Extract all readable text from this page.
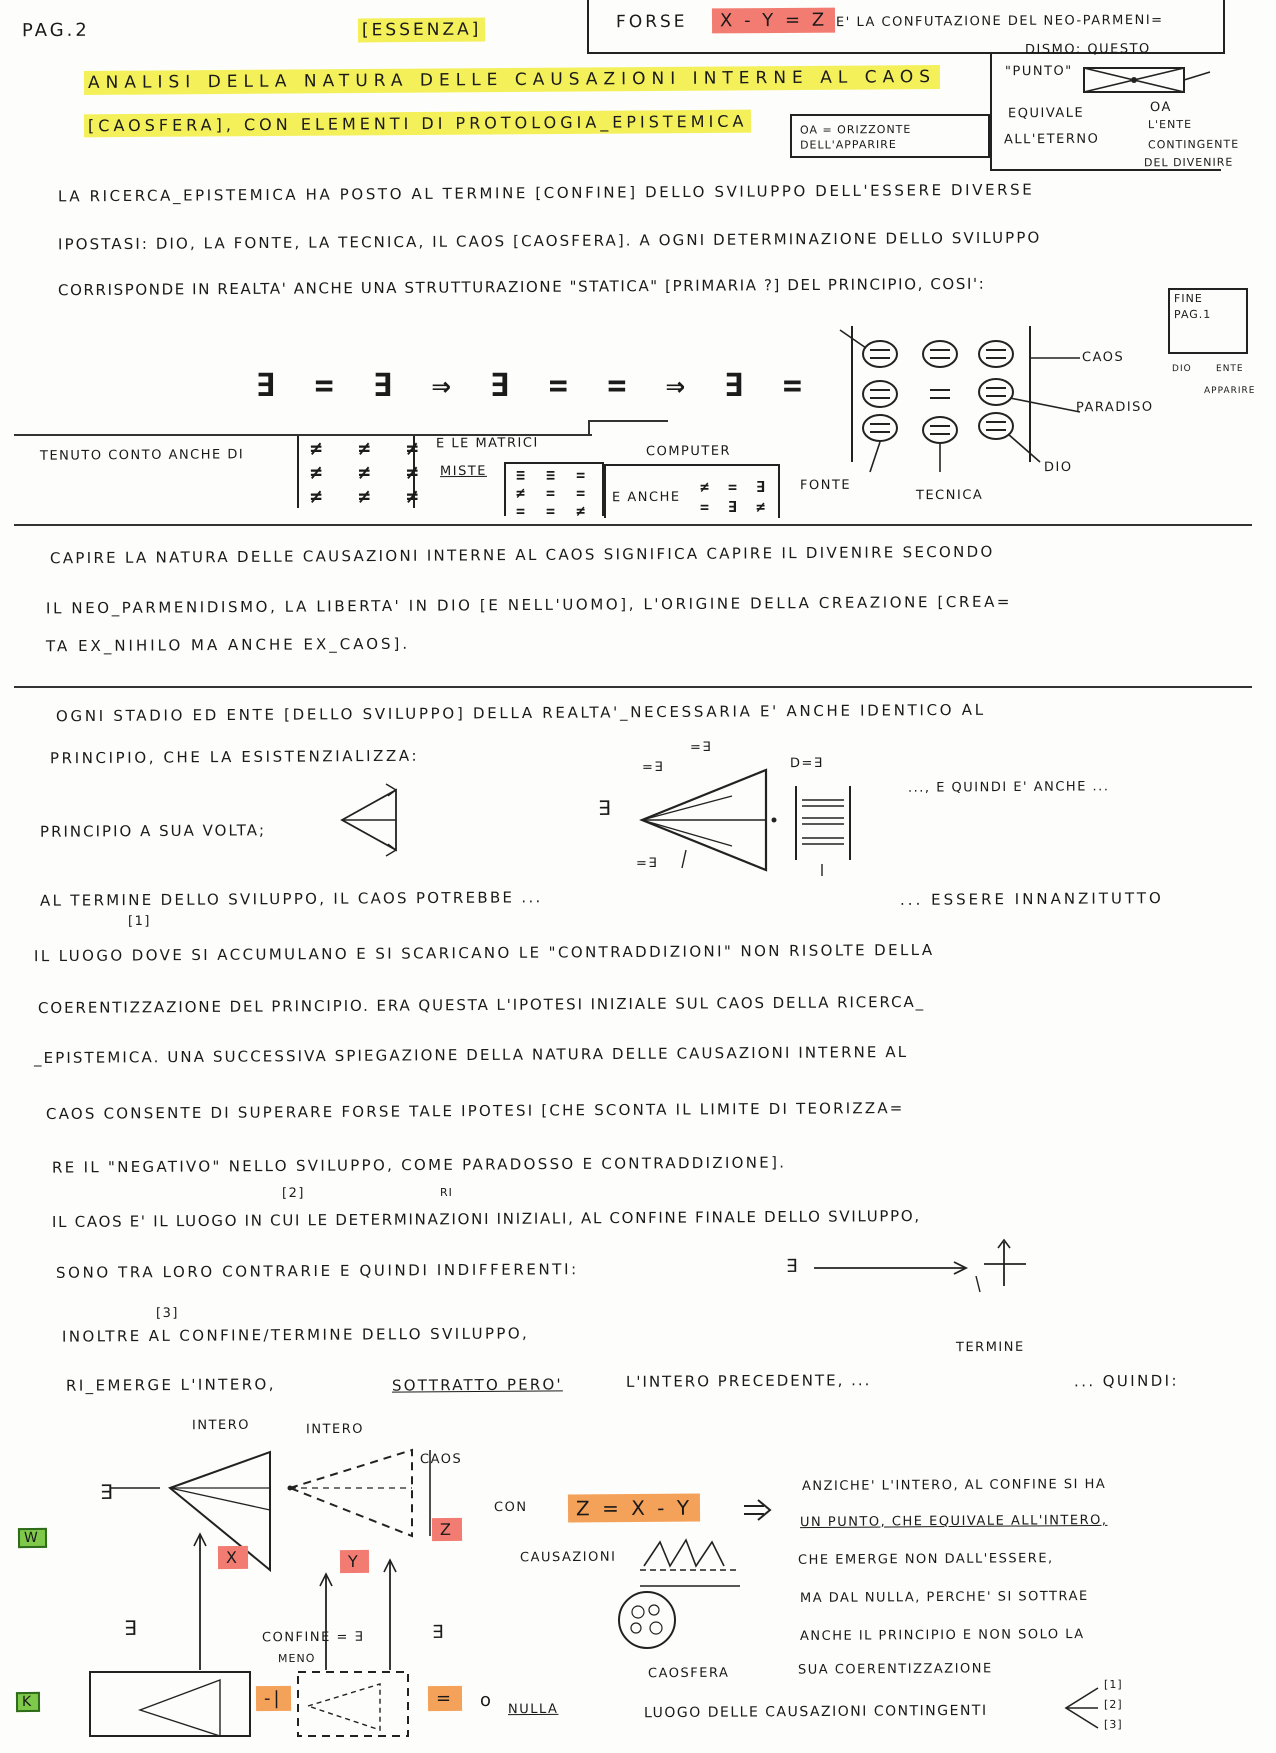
PAG.2	[ESSENZA]	FORSE	X - Y = Z E' LA CONFUTAZIONE DEL NEO-PARMENI=
DISMO: QUESTO
"PUNTO"
EQUIVALE
ALL'ETERNO
OA
L'ENTE
CONTINGENTE
DEL DIVENIRE
ANALISI DELLA NATURA DELLE CAUSAZIONI INTERNE AL CAOS
[CAOSFERA], CON ELEMENTI DI PROTOLOGIA_EPISTEMICA	OA = ORIZZONTE DELL'APPARIRE
LA RICERCA_EPISTEMICA HA POSTO AL TERMINE [CONFINE] DELLO SVILUPPO DELL'ESSERE DIVERSE
IPOSTASI: DIO, LA FONTE, LA TECNICA, IL CAOS [CAOSFERA]. A OGNI DETERMINAZIONE DELLO SVILUPPO
CORRISPONDE IN REALTA' ANCHE UNA STRUTTURAZIONE "STATICA" [PRIMARIA ?] DEL PRINCIPIO, COSI':	FINE
PAG.1
DIO	ENTE
APPARIRE
∃ = ∃ ⇒ ∃ = = ⇒ ∃ =
CAOS
PARADISO
DIO
FONTE
TECNICA
TENUTO CONTO ANCHE DI	≠ ≠ ≠
≠ ≠ ≠
≠ ≠ ≠
E LE MATRICI
MISTE ≡ ≡ =
≠ = =
= = ≠
COMPUTER
E ANCHE
≠ = ∃
= ∃ ≠
CAPIRE LA NATURA DELLE CAUSAZIONI INTERNE AL CAOS SIGNIFICA CAPIRE IL DIVENIRE SECONDO
IL NEO_PARMENIDISMO, LA LIBERTA' IN DIO [E NELL'UOMO], L'ORIGINE DELLA CREAZIONE [CREA=
TA EX_NIHILO MA ANCHE EX_CAOS].
OGNI STADIO ED ENTE [DELLO SVILUPPO] DELLA REALTA'_NECESSARIA E' ANCHE IDENTICO AL
PRINCIPIO, CHE LA ESISTENZIALIZZA:
PRINCIPIO A SUA VOLTA;
∃
=∃
=∃
D=∃
=∃
..., E QUINDI E' ANCHE ...
AL TERMINE DELLO SVILUPPO, IL CAOS POTREBBE ...	... ESSERE INNANZITUTTO
[1]
IL LUOGO DOVE SI ACCUMULANO E SI SCARICANO LE "CONTRADDIZIONI" NON RISOLTE DELLA
COERENTIZZAZIONE DEL PRINCIPIO. ERA QUESTA L'IPOTESI INIZIALE SUL CAOS DELLA RICERCA_
_EPISTEMICA. UNA SUCCESSIVA SPIEGAZIONE DELLA NATURA DELLE CAUSAZIONI INTERNE AL
CAOS CONSENTE DI SUPERARE FORSE TALE IPOTESI [CHE SCONTA IL LIMITE DI TEORIZZA=
RE IL "NEGATIVO" NELLO SVILUPPO, COME PARADOSSO E CONTRADDIZIONE].
[2]	RI
IL CAOS E' IL LUOGO IN CUI LE DETERMINAZIONI INIZIALI, AL CONFINE FINALE DELLO SVILUPPO,
SONO TRA LORO CONTRARIE E QUINDI INDIFFERENTI:	∃
TERMINE
[3]
INOLTRE AL CONFINE/TERMINE DELLO SVILUPPO,
RI_EMERGE L'INTERO,	SOTTRATTO PERO'	L'INTERO PRECEDENTE, ...	... QUINDI:
INTERO	INTERO
CAOS
∃
∃	∃
X	Y
Z
W
K
CONFINE = ∃
MENO
-|	=	o NULLA
CON	Z = X - Y
CAUSAZIONI
CAOSFERA
LUOGO DELLE CAUSAZIONI CONTINGENTI
[1]
[2]
[3]
ANZICHE' L'INTERO, AL CONFINE SI HA
UN PUNTO, CHE EQUIVALE ALL'INTERO,
CHE EMERGE NON DALL'ESSERE,
MA DAL NULLA, PERCHE' SI SOTTRAE
ANCHE IL PRINCIPIO E NON SOLO LA
SUA COERENTIZZAZIONE
